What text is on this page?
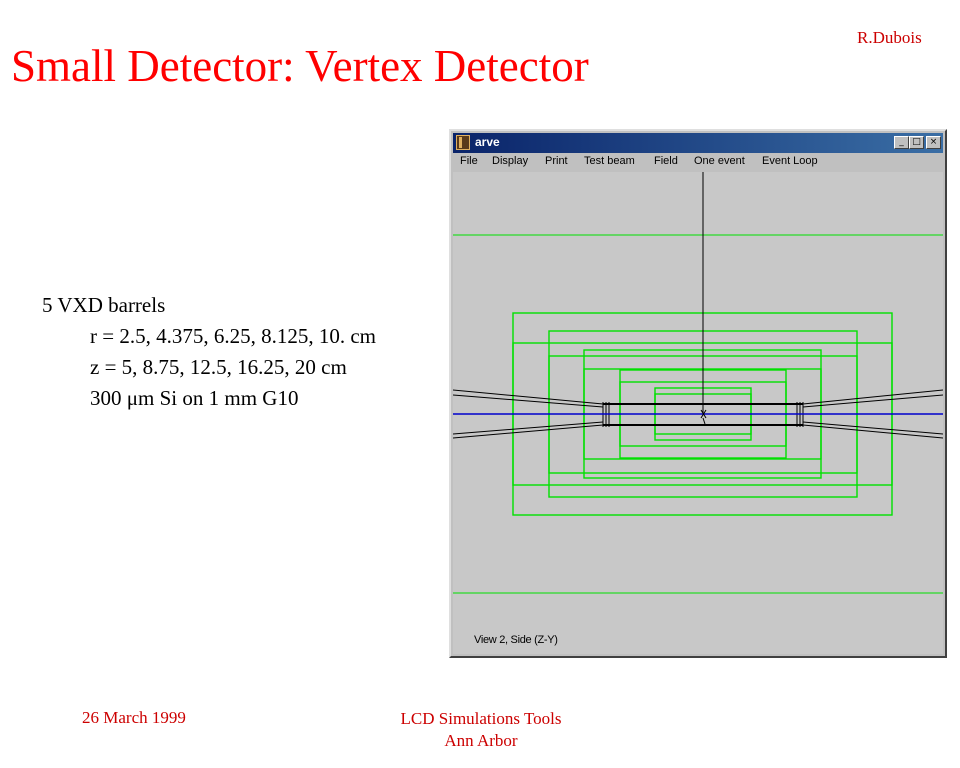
R.Dubois
Small Detector: Vertex Detector
5 VXD barrels
r = 2.5, 4.375, 6.25, 8.125, 10. cm
z = 5, 8.75, 12.5, 16.25, 20 cm
300 μm Si on 1 mm G10
arve	_ □ ×
File Display Print Test beam Field One event Event Loop
View 2, Side (Z-Y)
26 March 1999	LCD Simulations Tools
Ann Arbor
